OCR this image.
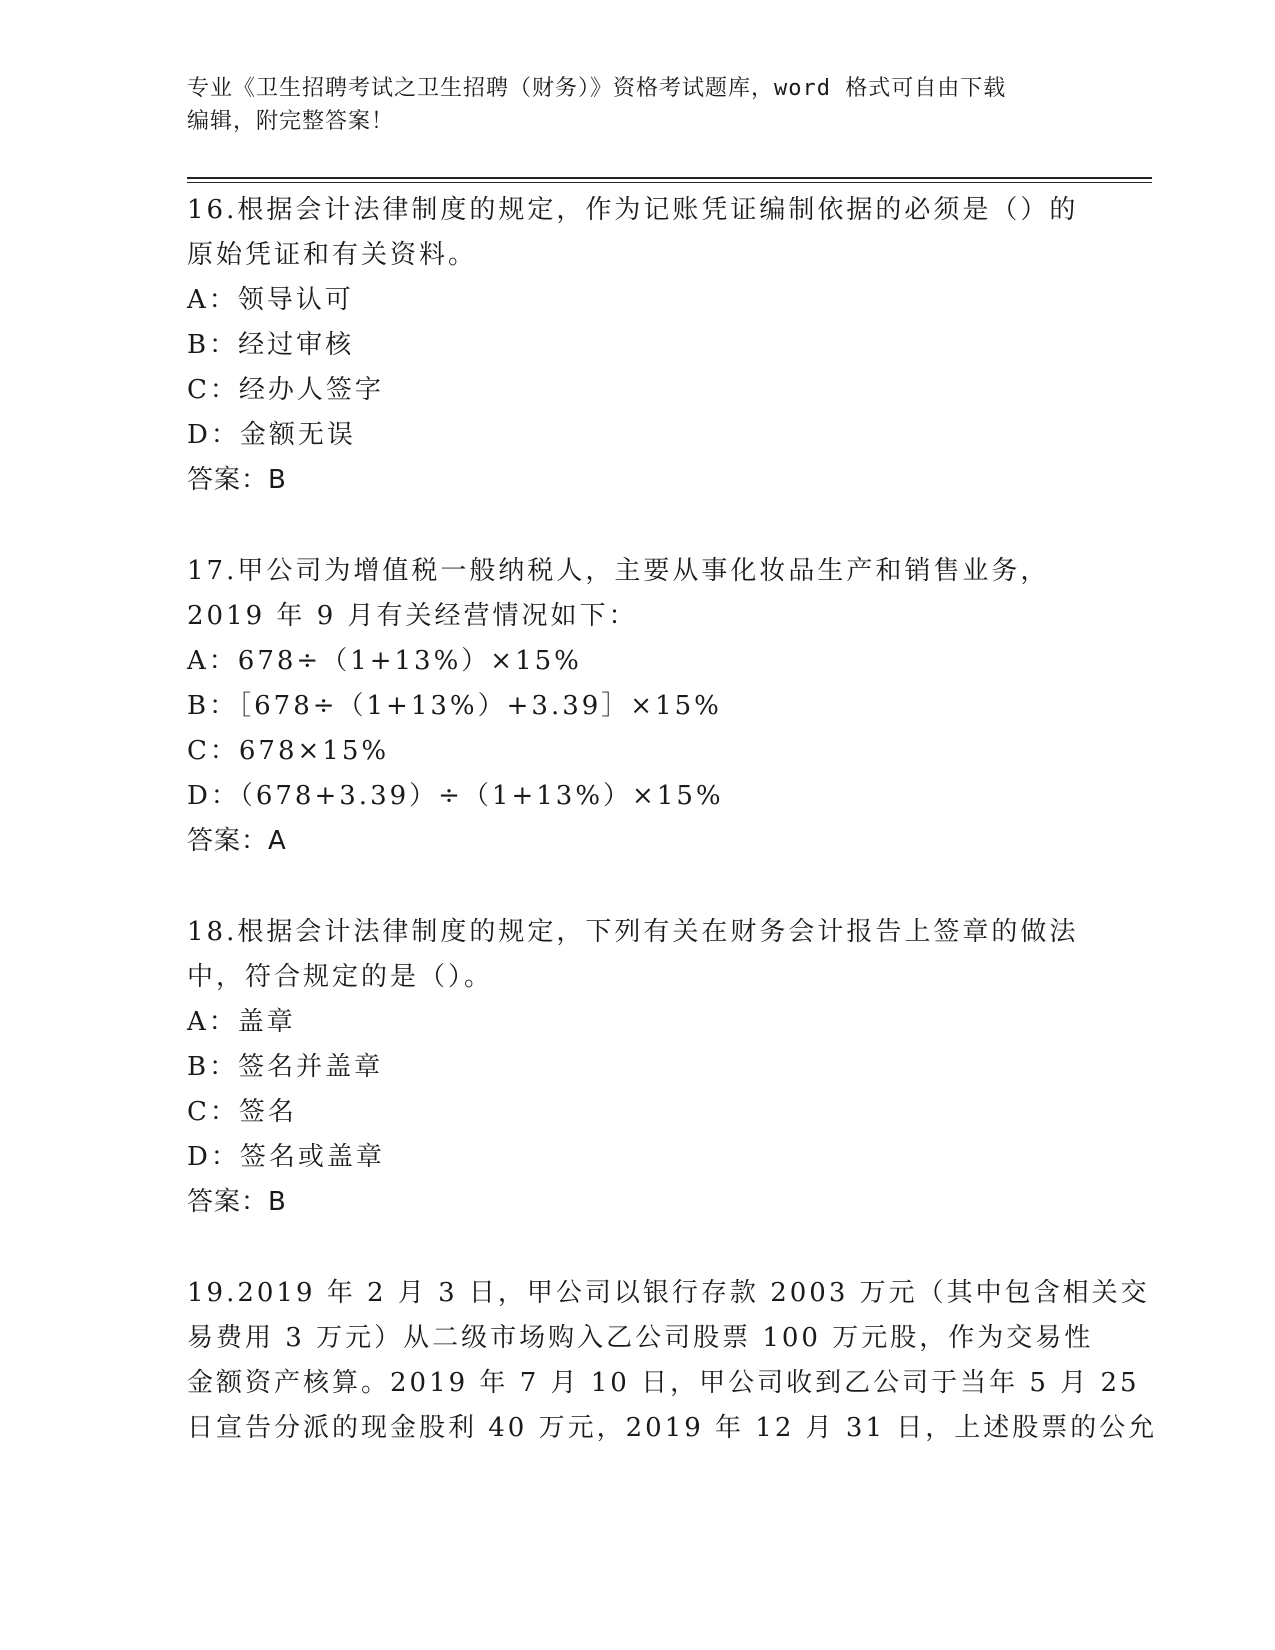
专业《卫生招聘考试之卫生招聘（财务）》资格考试题库，word 格式可自由下载
编辑，附完整答案！
16.根据会计法律制度的规定，作为记账凭证编制依据的必须是（）的
原始凭证和有关资料。
A：领导认可
B：经过审核
C：经办人签字
D：金额无误
答案：B
17.甲公司为增值税一般纳税人，主要从事化妆品生产和销售业务，
2019 年 9 月有关经营情况如下：
A：678÷（1+13%）×15%
B：［678÷（1+13%）+3.39］×15%
C：678×15%
D：（678+3.39）÷（1+13%）×15%
答案：A
18.根据会计法律制度的规定，下列有关在财务会计报告上签章的做法
中，符合规定的是（）。
A：盖章
B：签名并盖章
C：签名
D：签名或盖章
答案：B
19.2019 年 2 月 3 日，甲公司以银行存款 2003 万元（其中包含相关交
易费用 3 万元）从二级市场购入乙公司股票 100 万元股，作为交易性
金额资产核算。2019 年 7 月 10 日，甲公司收到乙公司于当年 5 月 25
日宣告分派的现金股利 40 万元，2019 年 12 月 31 日，上述股票的公允
